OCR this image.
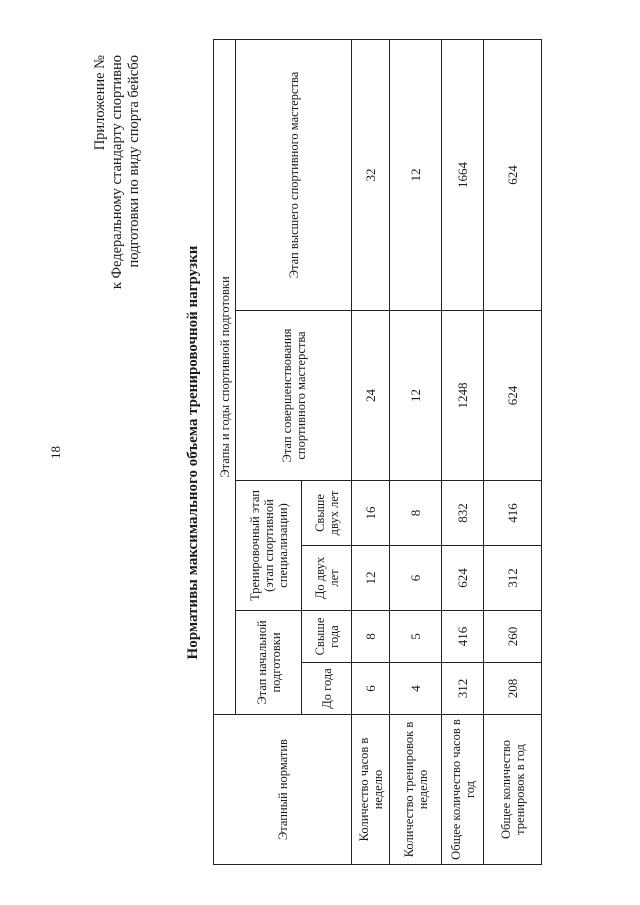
18
Приложение № к Федеральному стандарту спортивно подготовки по виду спорта бейсбо
Нормативы максимального объема тренировочной нагрузки
Этапный норматив	Этапы и годы спортивной подготовки					
	Этап начальной подготовки		Тренировочный этап (этап спортивной специализации)		Этап совершенствования спортивного мастерства	Этап высшего спортивного мастерства
	До года	Свыше года	До двух лет	Свыше двух лет		
Количество часов в неделю	6	8	12	16	24	32
Количество тренировок в неделю	4	5	6	8	12	12
Общее количество часов в год	312	416	624	832	1248	1664
Общее количество тренировок в год	208	260	312	416	624	624
